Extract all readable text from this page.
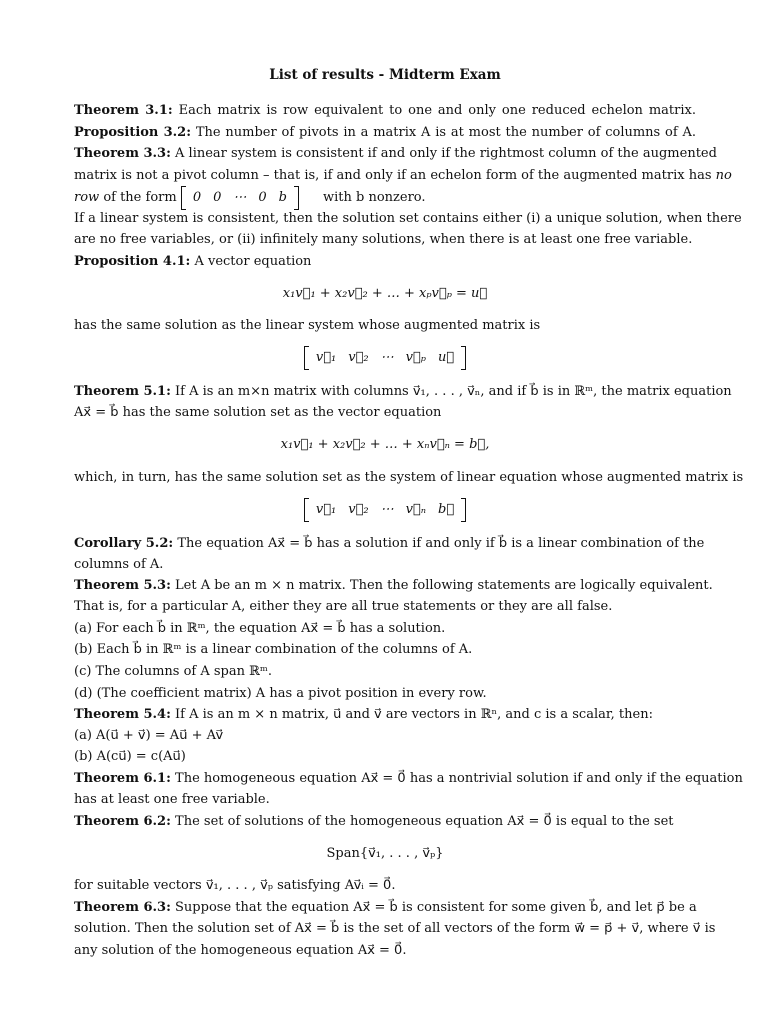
List of results - Midterm Exam
Theorem 3.1: Each matrix is row equivalent to one and only one reduced echelon matrix.
Proposition 3.2: The number of pivots in a matrix A is at most the number of columns of A.
Theorem 3.3: A linear system is consistent if and only if the rightmost column of the augmented
matrix is not a pivot column – that is, if and only if an echelon form of the augmented matrix has no
row of the form 0 0 ⋯ 0 b	with b nonzero.
If a linear system is consistent, then the solution set contains either (i) a unique solution, when there
are no free variables, or (ii) infinitely many solutions, when there is at least one free variable.
Proposition 4.1: A vector equation
x₁v⃗₁ + x₂v⃗₂ + … + xₚv⃗ₚ = u⃗
has the same solution as the linear system whose augmented matrix is
v⃗₁ v⃗₂ ⋯ v⃗ₚ u⃗
Theorem 5.1: If A is an m×n matrix with columns v⃗₁, . . . , v⃗ₙ, and if b⃗ is in ℝᵐ, the matrix equation
Ax⃗ = b⃗ has the same solution set as the vector equation
x₁v⃗₁ + x₂v⃗₂ + … + xₙv⃗ₙ = b⃗,
which, in turn, has the same solution set as the system of linear equation whose augmented matrix is
v⃗₁ v⃗₂ ⋯ v⃗ₙ b⃗
Corollary 5.2: The equation Ax⃗ = b⃗ has a solution if and only if b⃗ is a linear combination of the
columns of A.
Theorem 5.3: Let A be an m × n matrix. Then the following statements are logically equivalent.
That is, for a particular A, either they are all true statements or they are all false.
(a) For each b⃗ in ℝᵐ, the equation Ax⃗ = b⃗ has a solution.
(b) Each b⃗ in ℝᵐ is a linear combination of the columns of A.
(c) The columns of A span ℝᵐ.
(d) (The coefficient matrix) A has a pivot position in every row.
Theorem 5.4: If A is an m × n matrix, u⃗ and v⃗ are vectors in ℝⁿ, and c is a scalar, then:
(a) A(u⃗ + v⃗) = Au⃗ + Av⃗
(b) A(cu⃗) = c(Au⃗)
Theorem 6.1: The homogeneous equation Ax⃗ = 0⃗ has a nontrivial solution if and only if the equation
has at least one free variable.
Theorem 6.2: The set of solutions of the homogeneous equation Ax⃗ = 0⃗ is equal to the set
Span{v⃗₁, . . . , v⃗ₚ}
for suitable vectors v⃗₁, . . . , v⃗ₚ satisfying Av⃗ᵢ = 0⃗.
Theorem 6.3: Suppose that the equation Ax⃗ = b⃗ is consistent for some given b⃗, and let p⃗ be a
solution. Then the solution set of Ax⃗ = b⃗ is the set of all vectors of the form w⃗ = p⃗ + v⃗, where v⃗ is
any solution of the homogeneous equation Ax⃗ = 0⃗.
